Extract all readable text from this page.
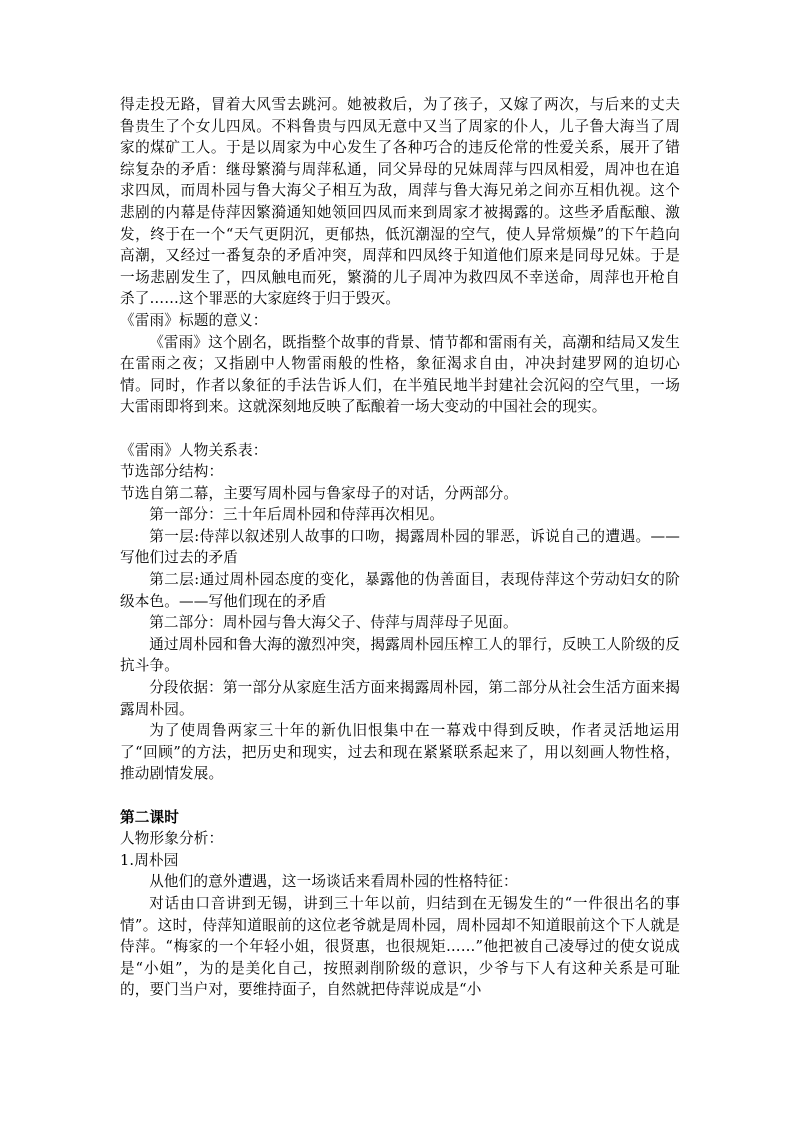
得走投无路，冒着大风雪去跳河。她被救后，为了孩子，又嫁了两次，与后来的丈夫鲁贵生了个女儿四凤。不料鲁贵与四凤无意中又当了周家的仆人，儿子鲁大海当了周家的煤矿工人。于是以周家为中心发生了各种巧合的违反伦常的性爱关系，展开了错综复杂的矛盾：继母繁漪与周萍私通，同父异母的兄妹周萍与四凤相爱，周冲也在追求四凤，而周朴园与鲁大海父子相互为敌，周萍与鲁大海兄弟之间亦互相仇视。这个悲剧的内幕是侍萍因繁漪通知她领回四凤而来到周家才被揭露的。这些矛盾酝酿、激发，终于在一个“天气更阴沉，更郁热，低沉潮湿的空气，使人异常烦燥”的下午趋向高潮，又经过一番复杂的矛盾冲突，周萍和四凤终于知道他们原来是同母兄妹。于是一场悲剧发生了，四凤触电而死，繁漪的儿子周冲为救四凤不幸送命，周萍也开枪自杀了……这个罪恶的大家庭终于归于毁灭。

《雷雨》标题的意义：

《雷雨》这个剧名，既指整个故事的背景、情节都和雷雨有关，高潮和结局又发生在雷雨之夜；又指剧中人物雷雨般的性格，象征渴求自由，冲决封建罗网的迫切心情。同时，作者以象征的手法告诉人们，在半殖民地半封建社会沉闷的空气里，一场大雷雨即将到来。这就深刻地反映了酝酿着一场大变动的中国社会的现实。

《雷雨》人物关系表：

节选部分结构：

节选自第二幕，主要写周朴园与鲁家母子的对话，分两部分。

第一部分：三十年后周朴园和侍萍再次相见。

第一层:侍萍以叙述别人故事的口吻，揭露周朴园的罪恶，诉说自己的遭遇。——写他们过去的矛盾

第二层:通过周朴园态度的变化，暴露他的伪善面目，表现侍萍这个劳动妇女的阶级本色。——写他们现在的矛盾

第二部分：周朴园与鲁大海父子、侍萍与周萍母子见面。

通过周朴园和鲁大海的激烈冲突，揭露周朴园压榨工人的罪行，反映工人阶级的反抗斗争。

分段依据：第一部分从家庭生活方面来揭露周朴园，第二部分从社会生活方面来揭露周朴园。

为了使周鲁两家三十年的新仇旧恨集中在一幕戏中得到反映，作者灵活地运用了“回顾”的方法，把历史和现实，过去和现在紧紧联系起来了，用以刻画人物性格，推动剧情发展。

第二课时

人物形象分析：

1.周朴园

从他们的意外遭遇，这一场谈话来看周朴园的性格特征：

对话由口音讲到无锡，讲到三十年以前，归结到在无锡发生的“一件很出名的事情”。这时，侍萍知道眼前的这位老爷就是周朴园，周朴园却不知道眼前这个下人就是侍萍。“梅家的一个年轻小姐，很贤惠，也很规矩……”他把被自己凌辱过的使女说成是“小姐”，为的是美化自己，按照剥削阶级的意识，少爷与下人有这种关系是可耻的，要门当户对，要维持面子，自然就把侍萍说成是“小
